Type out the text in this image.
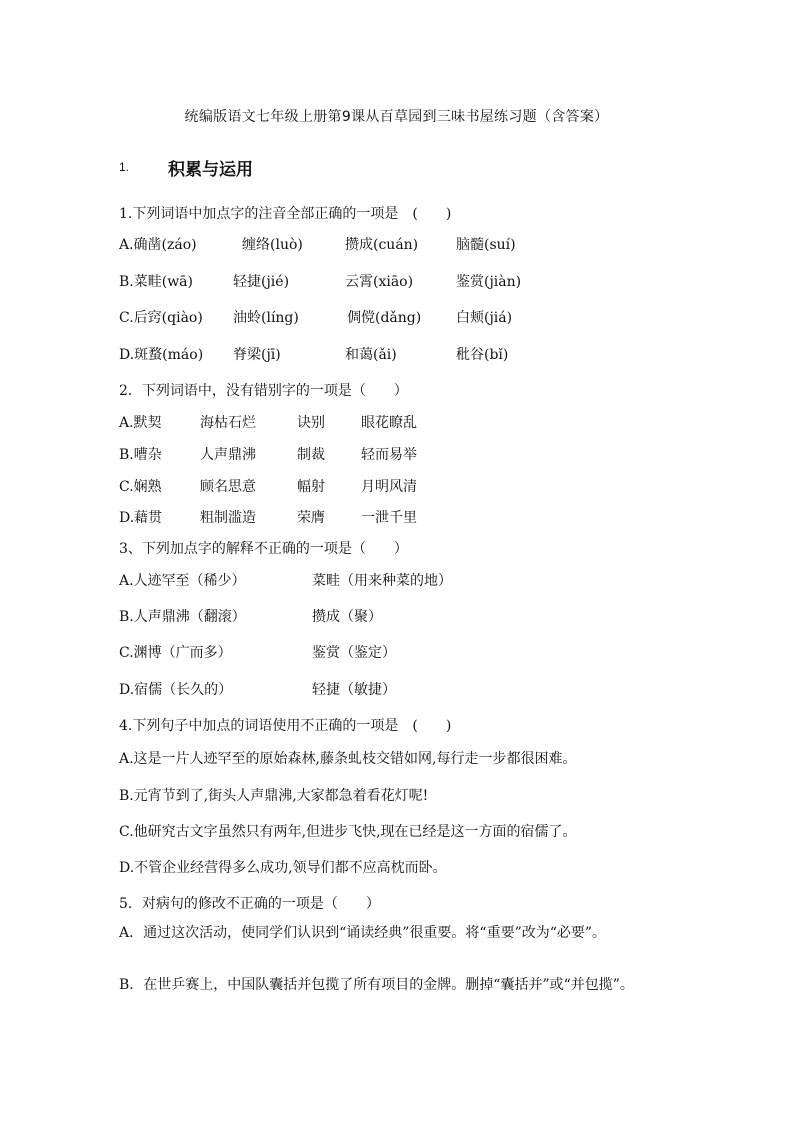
统编版语文七年级上册第9课从百草园到三味书屋练习题（含答案）
1. 积累与运用
1.下列词语中加点字的注音全部正确的一项是　(　　)
A.确凿(záo)	缠络(luò)	攒成(cuán)	脑髓(suí)
B.菜畦(wā)	轻捷(jié)	云霄(xiāo)	鉴赏(jiàn)
C.后窍(qiào) 油蛉(líng)	倜傥(dǎng) 白颊(jiá)
D.斑蝥(máo) 脊梁(jī)	和蔼(ǎi)	秕谷(bǐ)
2．下列词语中，没有错别字的一项是（　　）
A.默契	海枯石烂	诀别	眼花瞭乱
B.嘈杂	人声鼎沸	制裁	轻而易举
C.娴熟	顾名思意	幅射	月明风清
D.藉贯	粗制滥造	荣膺	一泄千里
3、下列加点字的解释不正确的一项是（　　）
A.人迹罕至（稀少）	菜畦（用来种菜的地）
B.人声鼎沸（翻滚）	攒成（聚）
C.渊博（广而多）	鉴赏（鉴定）
D.宿儒（长久的）	轻捷（敏捷）
4.下列句子中加点的词语使用不正确的一项是　(　　)
A.这是一片人迹罕至的原始森林,藤条虬枝交错如网,每行走一步都很困难。
B.元宵节到了,街头人声鼎沸,大家都急着看花灯呢!
C.他研究古文字虽然只有两年,但进步飞快,现在已经是这一方面的宿儒了。
D.不管企业经营得多么成功,领导们都不应高枕而卧。
5．对病句的修改不正确的一项是（　　）
A．通过这次活动，使同学们认识到“诵读经典”很重要。将“重要”改为“必要”。
B．在世乒赛上，中国队囊括并包揽了所有项目的金牌。删掉“囊括并”或“并包揽”。
